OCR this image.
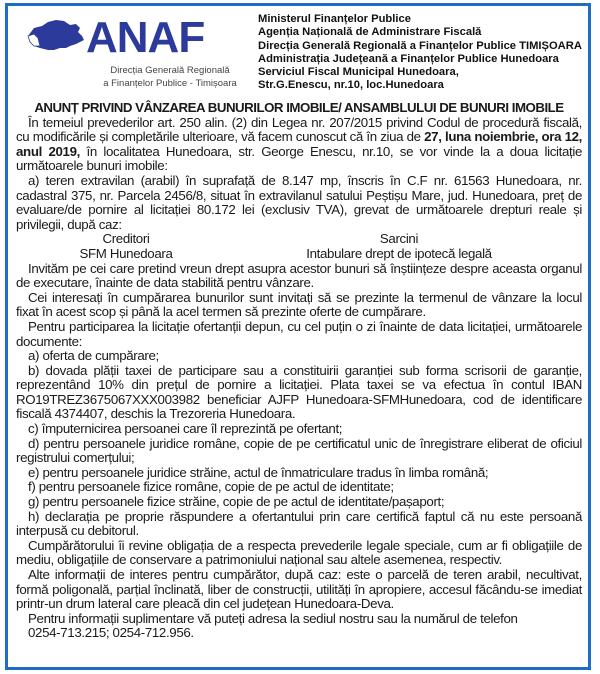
ANAF
Direcția Generală Regională
a Finanțelor Publice - Timișoara
Ministerul Finanțelor Publice
Agenția Națională de Administrare Fiscală
Direcția Generală Regională a Finanțelor Publice TIMIȘOARA
Administrația Județeană a Finanțelor Publice Hunedoara
Serviciul Fiscal Municipal Hunedoara,
Str.G.Enescu, nr.10, loc.Hunedoara
ANUNȚ PRIVIND VÂNZAREA BUNURILOR IMOBILE/ ANSAMBLULUI DE BUNURI IMOBILE

În temeiul prevederilor art. 250 alin. (2) din Legea nr. 207/2015 privind Codul de procedură fiscală, cu modificările și completările ulterioare, vă facem cunoscut că în ziua de 27, luna noiembrie, ora 12, anul 2019, în localitatea Hunedoara, str. George Enescu, nr.10, se vor vinde la a doua licitație următoarele bunuri imobile:

a) teren extravilan (arabil) în suprafață de 8.147 mp, înscris în C.F nr. 61563 Hunedoara, nr. cadastral 375, nr. Parcela 2456/8, situat în extravilanul satului Peștișu Mare, jud. Hunedoara, preț de evaluare/de pornire al licitației 80.172 lei (exclusiv TVA), grevat de următoarele drepturi reale și privilegii, după caz:

Creditori	Sarcini
SFM Hunedoara	Intabulare drept de ipotecă legală

Invităm pe cei care pretind vreun drept asupra acestor bunuri să înștiințeze despre aceasta organul de executare, înainte de data stabilită pentru vânzare.

Cei interesați în cumpărarea bunurilor sunt invitați să se prezinte la termenul de vânzare la locul fixat în acest scop și până la acel termen să prezinte oferte de cumpărare.

Pentru participarea la licitație ofertanții depun, cu cel puțin o zi înainte de data licitației, următoarele documente:

a) oferta de cumpărare;

b) dovada plății taxei de participare sau a constituirii garanției sub forma scrisorii de garanție, reprezentând 10% din prețul de pornire a licitației. Plata taxei se va efectua în contul IBAN RO19TREZ3675067XXX003982 beneficiar AJFP Hunedoara-SFMHunedoara, cod de identificare fiscală 4374407, deschis la Trezoreria Hunedoara.

c) împuternicirea persoanei care îl reprezintă pe ofertant;

d) pentru persoanele juridice române, copie de pe certificatul unic de înregistrare eliberat de oficiul registrului comerțului;

e) pentru persoanele juridice străine, actul de înmatriculare tradus în limba română;

f) pentru persoanele fizice române, copie de pe actul de identitate;

g) pentru persoanele fizice străine, copie de pe actul de identitate/pașaport;

h) declarația pe proprie răspundere a ofertantului prin care certifică faptul că nu este persoană interpusă cu debitorul.

Cumpărătorului îi revine obligația de a respecta prevederile legale speciale, cum ar fi obligațiile de mediu, obligațiile de conservare a patrimoniului național sau altele asemenea, respectiv.

Alte informații de interes pentru cumpărător, după caz: este o parcelă de teren arabil, necultivat, formă poligonală, parțial înclinată, liber de construcții, utilități în apropiere, accesul făcându-se imediat printr-un drum lateral care pleacă din cel județean Hunedoara-Deva.

Pentru informații suplimentare vă puteți adresa la sediul nostru sau la numărul de telefon
0254-713.215; 0254-712.956.
